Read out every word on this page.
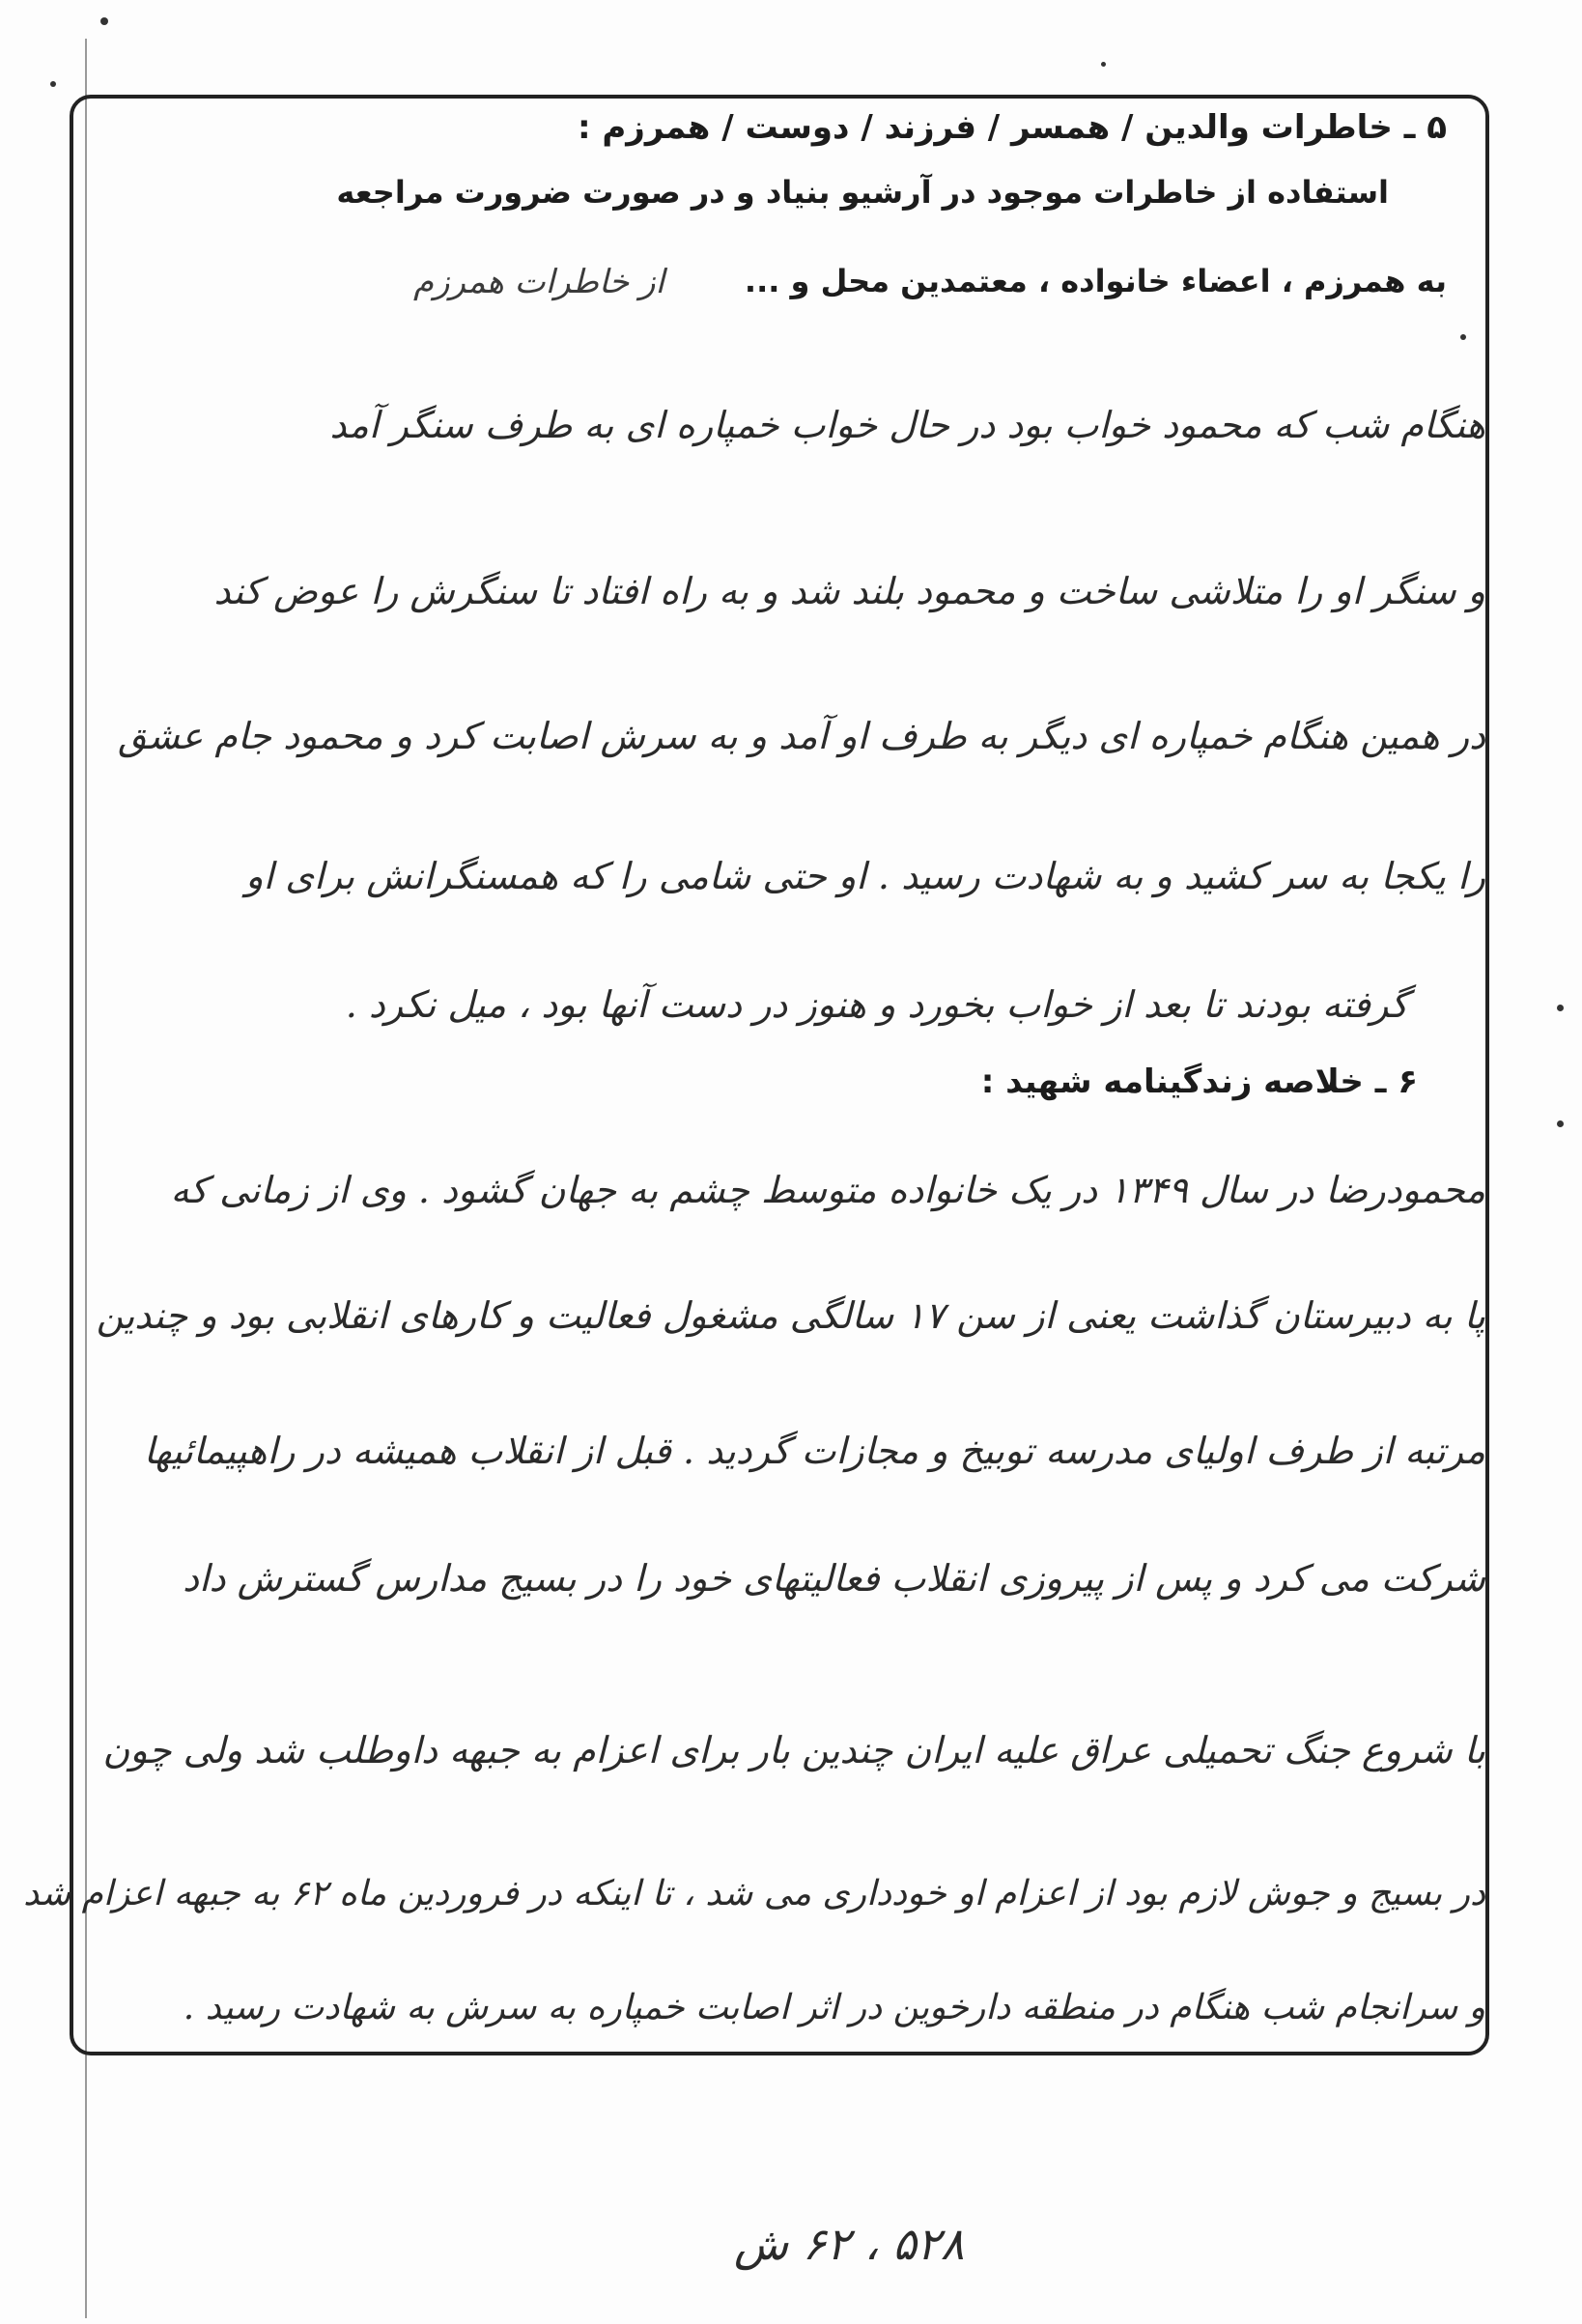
۵ ـ خاطرات والدین / همسر / فرزند / دوست / همرزم :
استفاده از خاطرات موجود در آرشیو بنیاد و در صورت ضرورت مراجعه
به همرزم ، اعضاء خانواده ، معتمدین محل و ...
از خاطرات همرزم
هنگام شب که محمود خواب بود در حال خواب خمپاره ای به طرف سنگر آمد
و سنگر او را متلاشی ساخت و محمود بلند شد و به راه افتاد تا سنگرش را عوض کند
در همین هنگام خمپاره ای دیگر به طرف او آمد و به سرش اصابت کرد و محمود جام عشق
را یکجا به سر کشید و به شهادت رسید . او حتی شامی را که همسنگرانش برای او
گرفته بودند تا بعد از خواب بخورد و هنوز در دست آنها بود ، میل نکرد .
۶ ـ خلاصه زندگینامه شهید :
محمودرضا در سال ۱۳۴۹ در یک خانواده متوسط چشم به جهان گشود . وی از زمانی که
پا به دبیرستان گذاشت یعنی از سن ۱۷ سالگی مشغول فعالیت و کارهای انقلابی بود و چندین
مرتبه از طرف اولیای مدرسه توبیخ و مجازات گردید . قبل از انقلاب همیشه در راهپیمائیها
شرکت می کرد و پس از پیروزی انقلاب فعالیتهای خود را در بسیج مدارس گسترش داد
با شروع جنگ تحمیلی عراق علیه ایران چندین بار برای اعزام به جبهه داوطلب شد ولی چون
در بسیج و جوش لازم بود از اعزام او خودداری می شد ، تا اینکه در فروردین ماه ۶۲ به جبهه اعزام شد
و سرانجام شب هنگام در منطقه دارخوین در اثر اصابت خمپاره به سرش به شهادت رسید .
۵۲۸ ، ۶۲ ش
